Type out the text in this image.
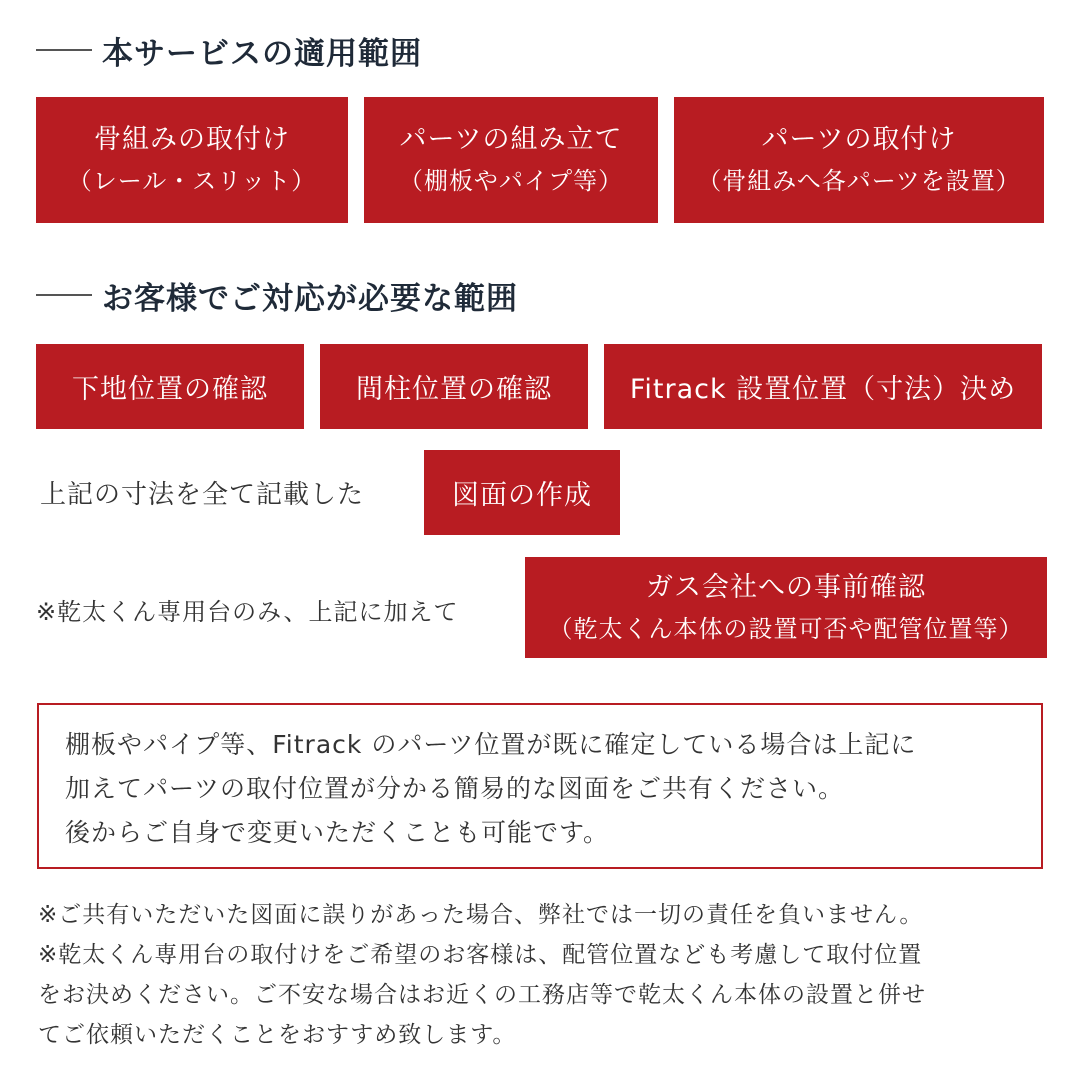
本サービスの適用範囲
骨組みの取付け
（レール・スリット）
パーツの組み立て
（棚板やパイプ等）
パーツの取付け
（骨組みへ各パーツを設置）
お客様でご対応が必要な範囲
下地位置の確認	間柱位置の確認	Fitrack 設置位置（寸法）決め
上記の寸法を全て記載した	図面の作成
※乾太くん専用台のみ、上記に加えて
ガス会社への事前確認
（乾太くん本体の設置可否や配管位置等）
棚板やパイプ等、Fitrack のパーツ位置が既に確定している場合は上記に
加えてパーツの取付位置が分かる簡易的な図面をご共有ください。
後からご自身で変更いただくことも可能です。
※ご共有いただいた図面に誤りがあった場合、弊社では一切の責任を負いません。
※乾太くん専用台の取付けをご希望のお客様は、配管位置なども考慮して取付位置
をお決めください。ご不安な場合はお近くの工務店等で乾太くん本体の設置と併せ
てご依頼いただくことをおすすめ致します。
